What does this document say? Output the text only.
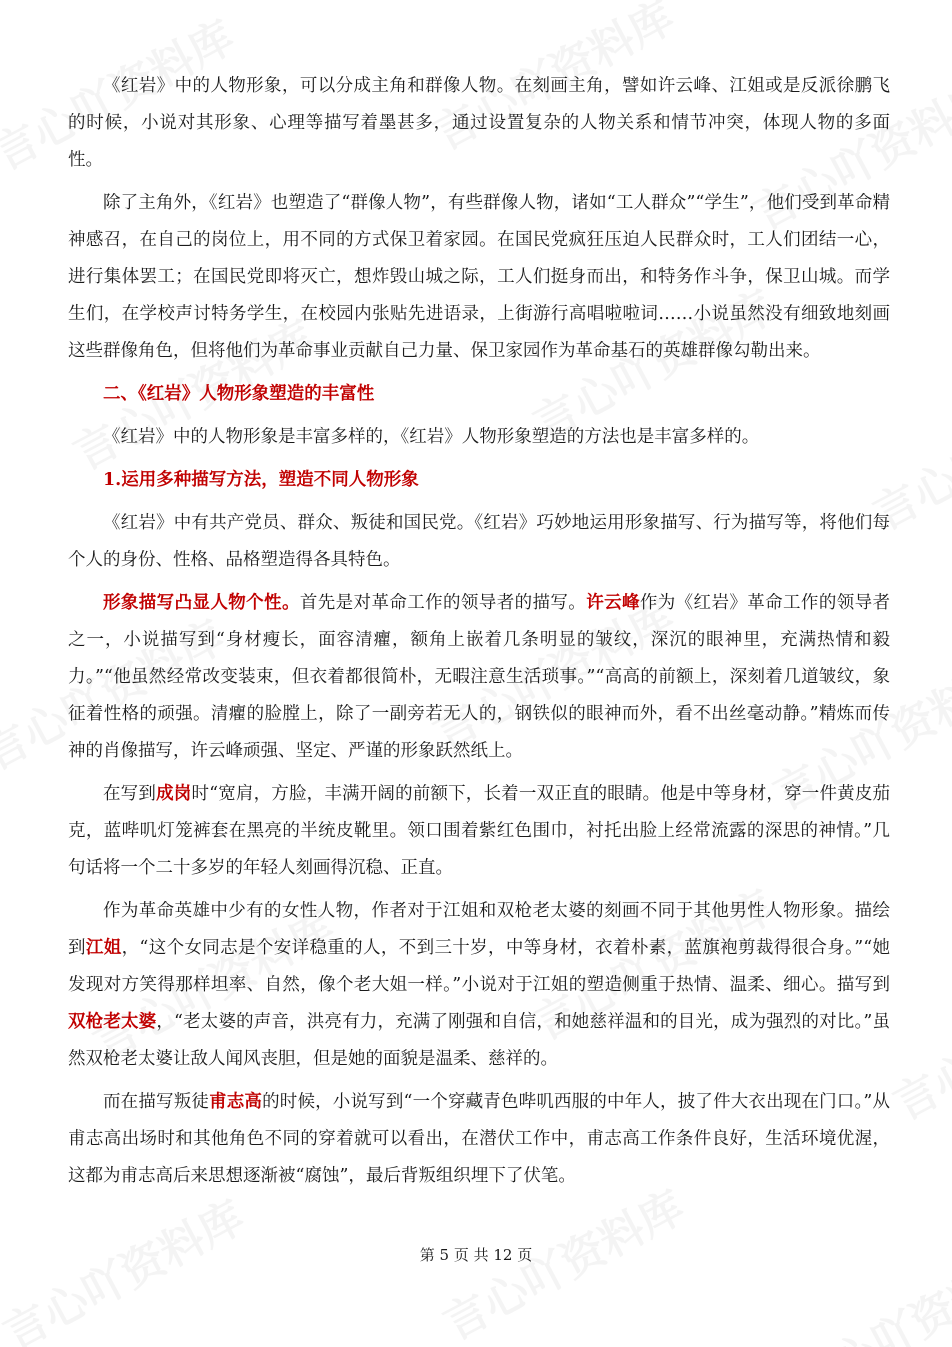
《红岩》中的人物形象，可以分成主角和群像人物。在刻画主角，譬如许云峰、江姐或是反派徐鹏飞的时候，小说对其形象、心理等描写着墨甚多，通过设置复杂的人物关系和情节冲突，体现人物的多面性。

除了主角外，《红岩》也塑造了“群像人物”，有些群像人物，诸如“工人群众”“学生”，他们受到革命精神感召，在自己的岗位上，用不同的方式保卫着家园。在国民党疯狂压迫人民群众时，工人们团结一心，进行集体罢工；在国民党即将灭亡，想炸毁山城之际，工人们挺身而出，和特务作斗争，保卫山城。而学生们，在学校声讨特务学生，在校园内张贴先进语录，上街游行高唱啦啦词……小说虽然没有细致地刻画这些群像角色，但将他们为革命事业贡献自己力量、保卫家园作为革命基石的英雄群像勾勒出来。

二、《红岩》人物形象塑造的丰富性

《红岩》中的人物形象是丰富多样的，《红岩》人物形象塑造的方法也是丰富多样的。

1.运用多种描写方法，塑造不同人物形象

《红岩》中有共产党员、群众、叛徒和国民党。《红岩》巧妙地运用形象描写、行为描写等，将他们每个人的身份、性格、品格塑造得各具特色。

形象描写凸显人物个性。首先是对革命工作的领导者的描写。许云峰作为《红岩》革命工作的领导者之一，小说描写到“身材瘦长，面容清癯，额角上嵌着几条明显的皱纹，深沉的眼神里，充满热情和毅力。”“他虽然经常改变装束，但衣着都很简朴，无暇注意生活琐事。”“高高的前额上，深刻着几道皱纹，象征着性格的顽强。清癯的脸膛上，除了一副旁若无人的，钢铁似的眼神而外，看不出丝毫动静。”精炼而传神的肖像描写，许云峰顽强、坚定、严谨的形象跃然纸上。

在写到成岗时“宽肩，方脸，丰满开阔的前额下，长着一双正直的眼睛。他是中等身材，穿一件黄皮茄克，蓝哔叽灯笼裤套在黑亮的半统皮靴里。领口围着紫红色围巾，衬托出脸上经常流露的深思的神情。”几句话将一个二十多岁的年轻人刻画得沉稳、正直。

作为革命英雄中少有的女性人物，作者对于江姐和双枪老太婆的刻画不同于其他男性人物形象。描绘到江姐，“这个女同志是个安详稳重的人，不到三十岁，中等身材，衣着朴素，蓝旗袍剪裁得很合身。”“她发现对方笑得那样坦率、自然，像个老大姐一样。”小说对于江姐的塑造侧重于热情、温柔、细心。描写到双枪老太婆，“老太婆的声音，洪亮有力，充满了刚强和自信，和她慈祥温和的目光，成为强烈的对比。”虽然双枪老太婆让敌人闻风丧胆，但是她的面貌是温柔、慈祥的。

而在描写叛徒甫志高的时候，小说写到“一个穿藏青色哔叽西服的中年人，披了件大衣出现在门口。”从甫志高出场时和其他角色不同的穿着就可以看出，在潜伏工作中，甫志高工作条件良好，生活环境优渥，这都为甫志高后来思想逐渐被“腐蚀”，最后背叛组织埋下了伏笔。

第 5 页 共 12 页
